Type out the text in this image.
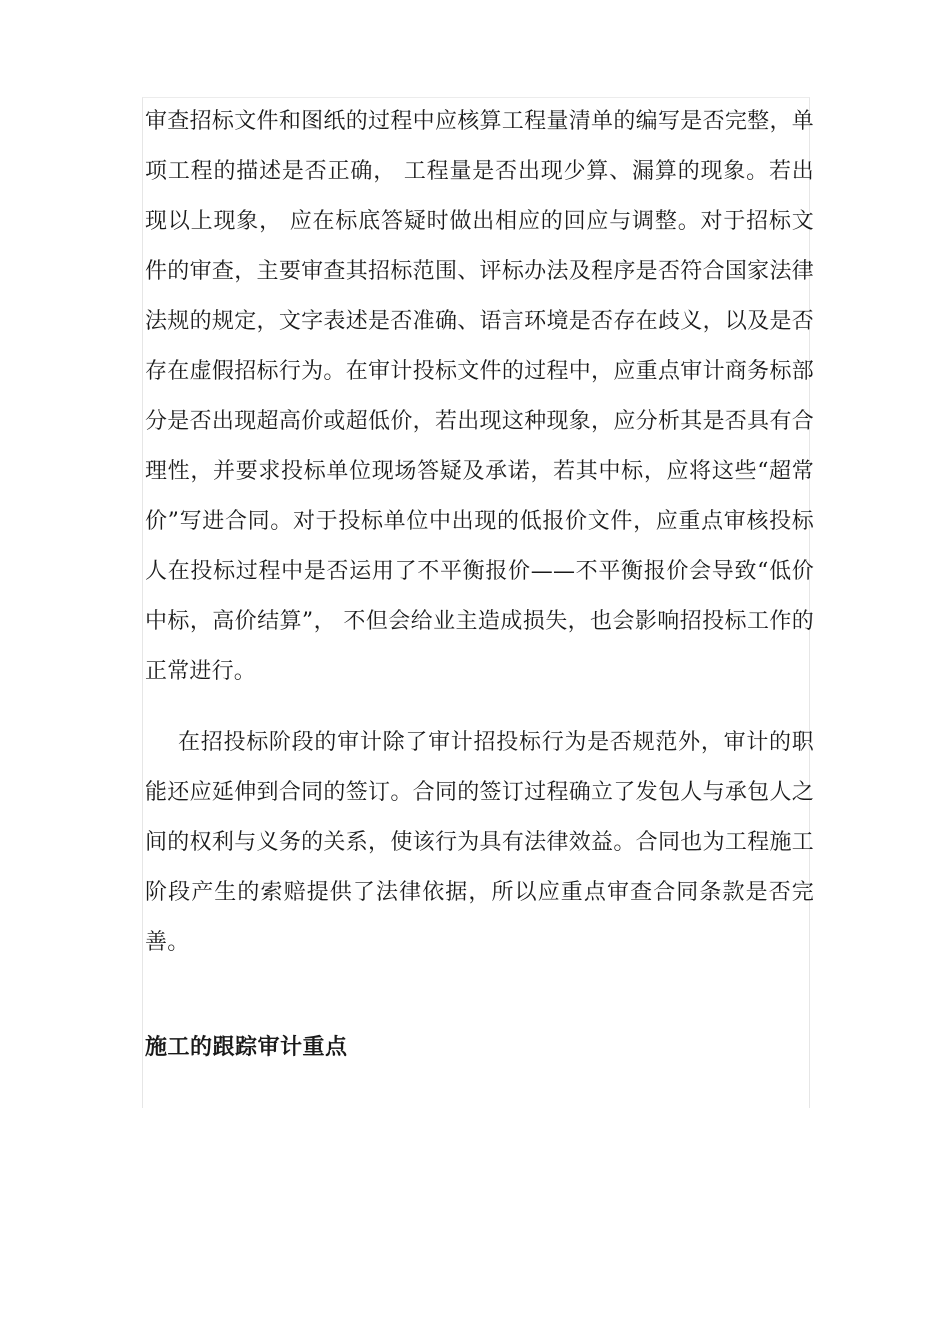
审查招标文件和图纸的过程中应核算工程量清单的编写是否完整，单项工程的描述是否正确， 工程量是否出现少算、漏算的现象。若出现以上现象， 应在标底答疑时做出相应的回应与调整。对于招标文件的审查，主要审查其招标范围、评标办法及程序是否符合国家法律法规的规定，文字表述是否准确、语言环境是否存在歧义，以及是否存在虚假招标行为。在审计投标文件的过程中，应重点审计商务标部分是否出现超高价或超低价，若出现这种现象，应分析其是否具有合理性，并要求投标单位现场答疑及承诺，若其中标，应将这些“超常价”写进合同。对于投标单位中出现的低报价文件，应重点审核投标人在投标过程中是否运用了不平衡报价——不平衡报价会导致“低价中标，高价结算”， 不但会给业主造成损失，也会影响招投标工作的正常进行。

在招投标阶段的审计除了审计招投标行为是否规范外，审计的职能还应延伸到合同的签订。合同的签订过程确立了发包人与承包人之间的权利与义务的关系，使该行为具有法律效益。合同也为工程施工阶段产生的索赔提供了法律依据，所以应重点审查合同条款是否完善。

施工的跟踪审计重点
